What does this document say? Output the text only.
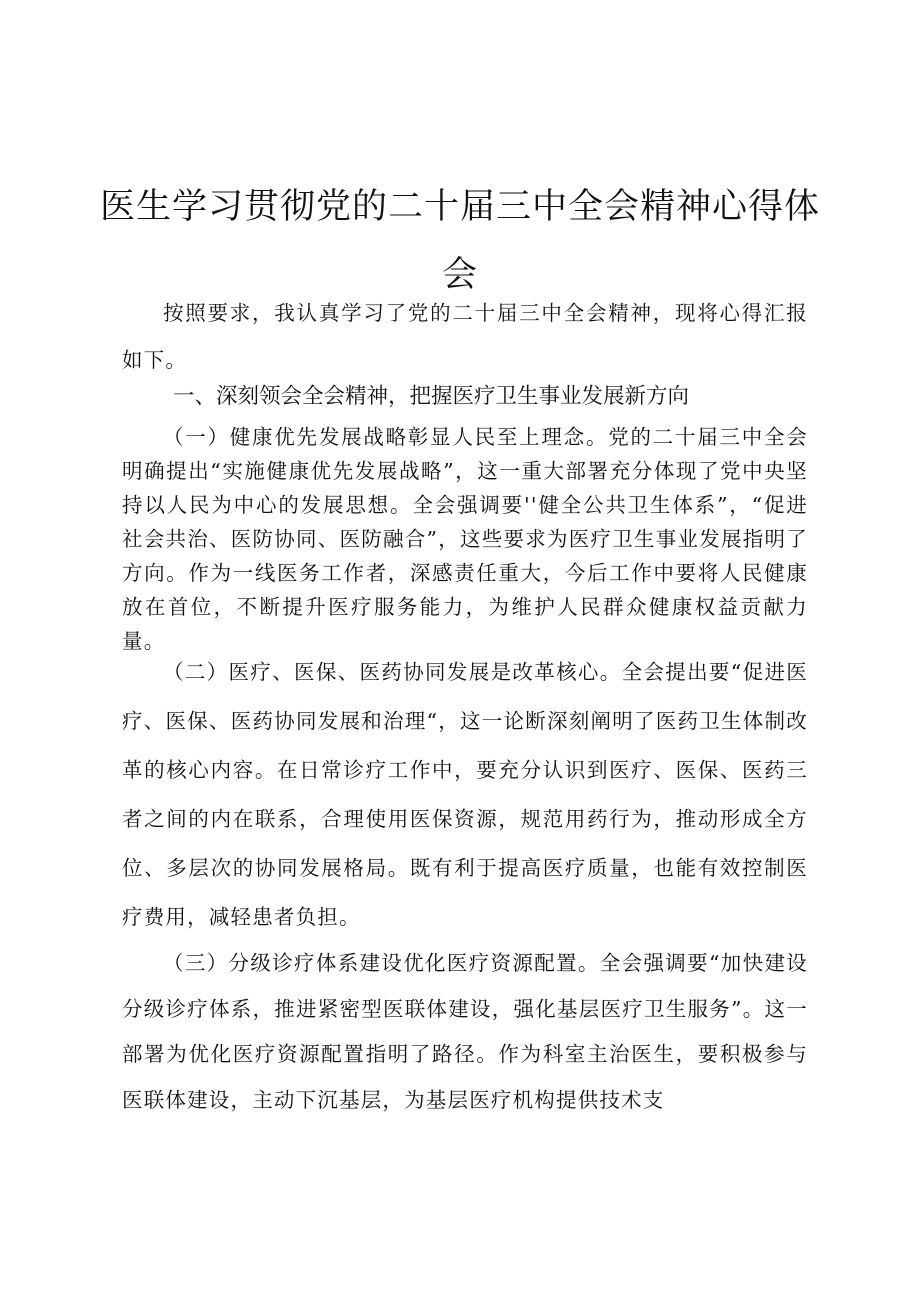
医生学习贯彻党的二十届三中全会精神心得体
会

按照要求，我认真学习了党的二十届三中全会精神，现将心得汇报如下。

一、深刻领会全会精神，把握医疗卫生事业发展新方向

（一）健康优先发展战略彰显人民至上理念。党的二十届三中全会明确提出“实施健康优先发展战略”，这一重大部署充分体现了党中央坚持以人民为中心的发展思想。全会强调要''健全公共卫生体系”，“促进社会共治、医防协同、医防融合”，这些要求为医疗卫生事业发展指明了方向。作为一线医务工作者，深感责任重大，今后工作中要将人民健康放在首位，不断提升医疗服务能力，为维护人民群众健康权益贡献力量。

（二）医疗、医保、医药协同发展是改革核心。全会提出要“促进医疗、医保、医药协同发展和治理“，这一论断深刻阐明了医药卫生体制改革的核心内容。在日常诊疗工作中，要充分认识到医疗、医保、医药三者之间的内在联系，合理使用医保资源，规范用药行为，推动形成全方位、多层次的协同发展格局。既有利于提高医疗质量，也能有效控制医疗费用，减轻患者负担。

（三）分级诊疗体系建设优化医疗资源配置。全会强调要“加快建设分级诊疗体系，推进紧密型医联体建设，强化基层医疗卫生服务”。这一部署为优化医疗资源配置指明了路径。作为科室主治医生，要积极参与医联体建设，主动下沉基层，为基层医疗机构提供技术支
